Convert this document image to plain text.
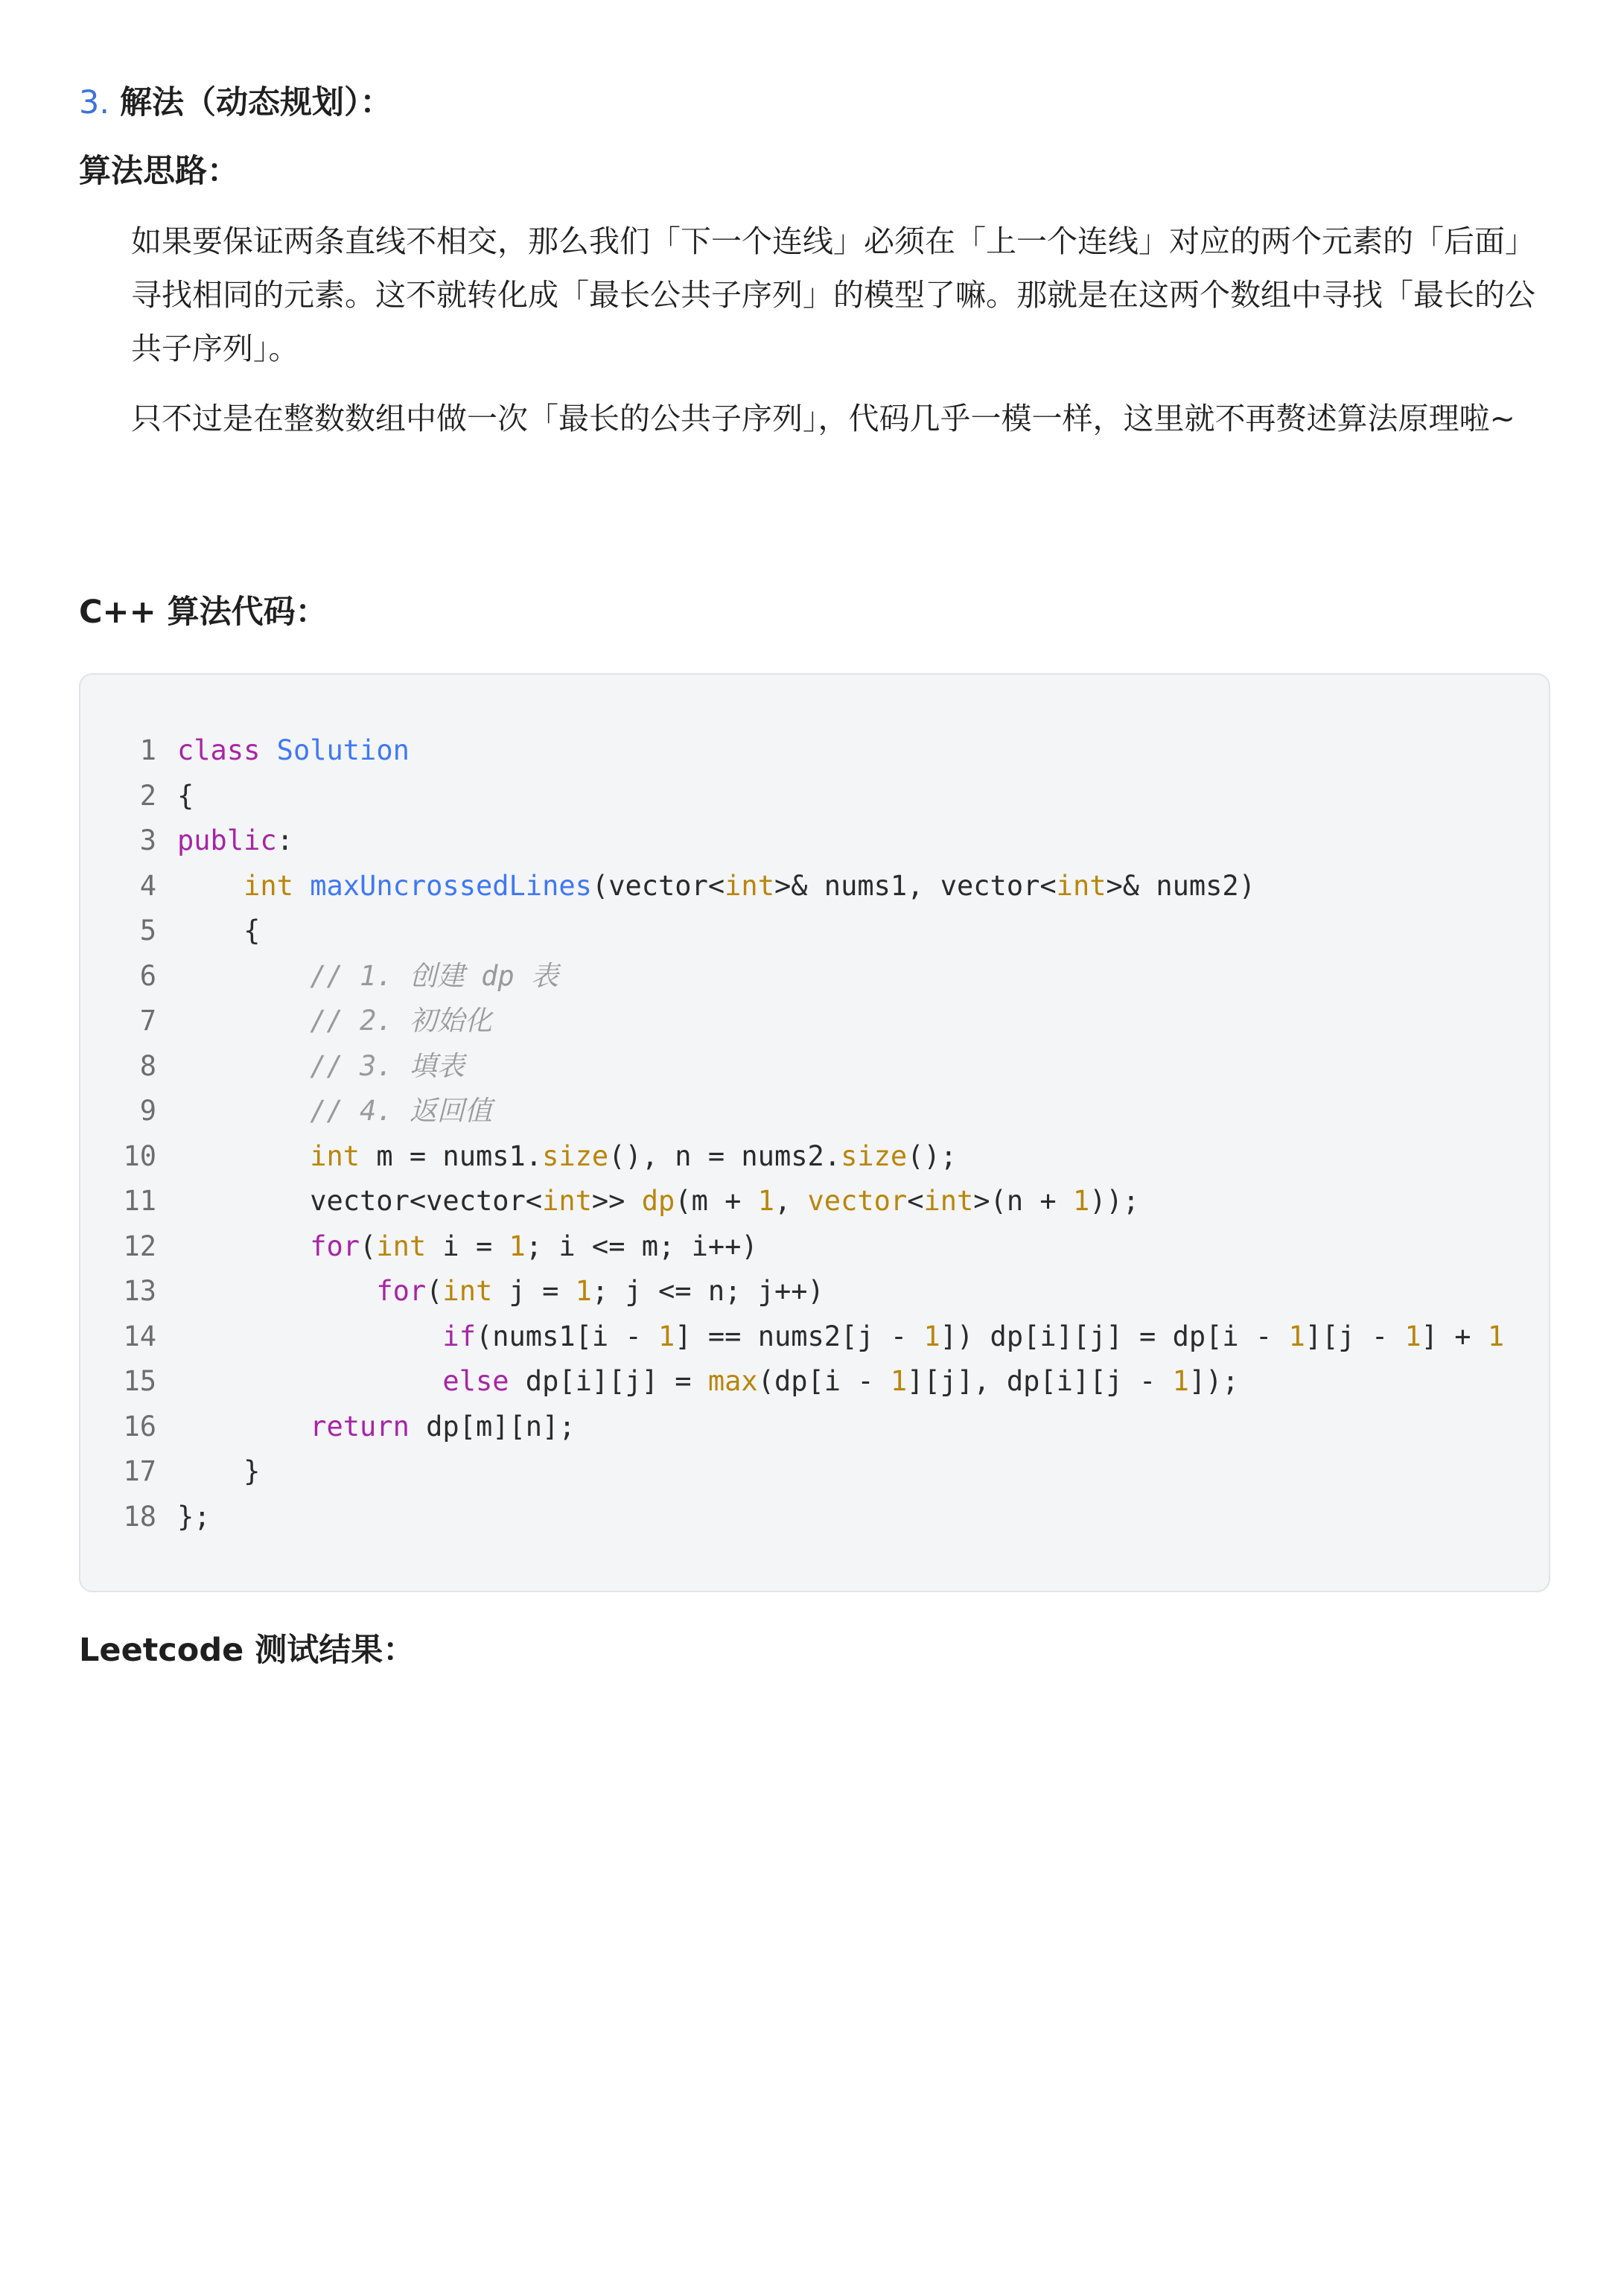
3. 解法（动态规划）：
算法思路：
如果要保证两条直线不相交，那么我们「下一个连线」必须在「上一个连线」对应的两个元素的「后面」寻找相同的元素。这不就转化成「最长公共子序列」的模型了嘛。那就是在这两个数组中寻找「最长的公共子序列」。
只不过是在整数数组中做一次「最长的公共子序列」，代码几乎一模一样，这里就不再赘述算法原理啦~
C++ 算法代码：
1 class Solution
2 {
3 public:
4	int maxUncrossedLines(vector<int>& nums1, vector<int>& nums2)
5 {
6	// 1. 创建 dp 表
7	// 2. 初始化
8	// 3. 填表
9	// 4. 返回值
10	int m = nums1.size(), n = nums2.size();
11 vector<vector<int>> dp(m + 1, vector<int>(n + 1));
12	for(int i = 1; i <= m; i++)
13	for(int j = 1; j <= n; j++)
14	if(nums1[i - 1] == nums2[j - 1]) dp[i][j] = dp[i - 1][j - 1] + 1
15	else dp[i][j] = max(dp[i - 1][j], dp[i][j - 1]);
16	return dp[m][n];
17 }
18 };
Leetcode 测试结果：
